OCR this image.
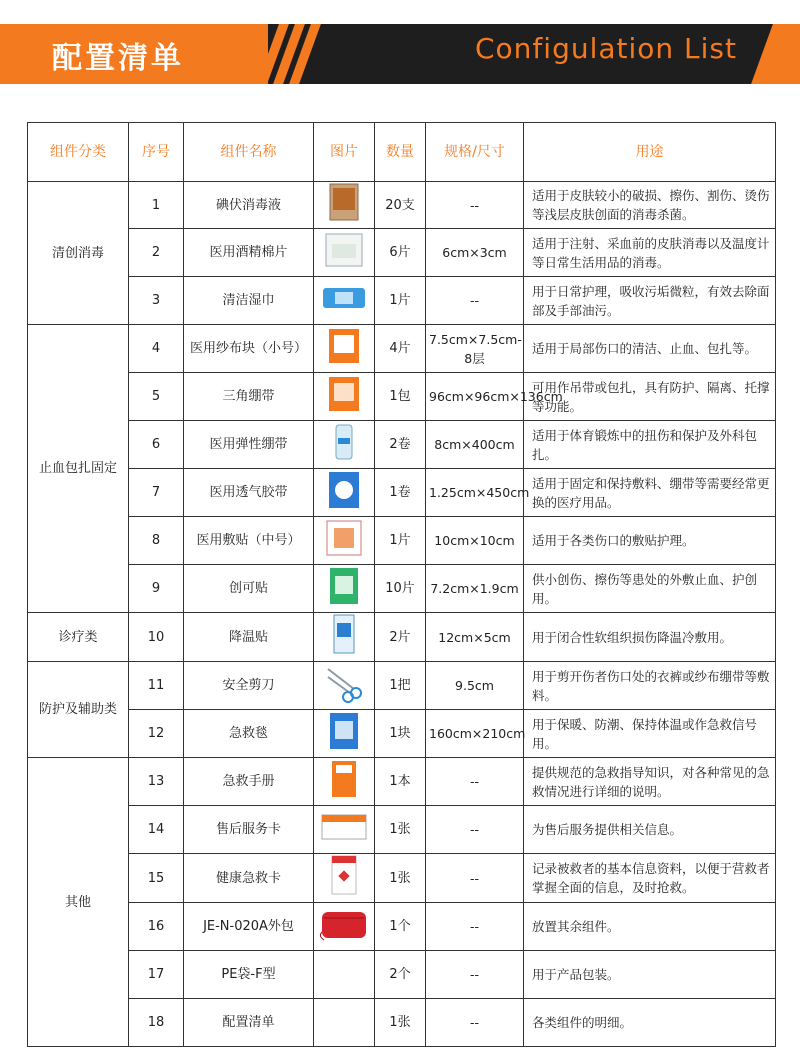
配置清单	Configulation List
组件分类	序号	组件名称	图片	数量	规格/尺寸	用途
清创消毒	1	碘伏消毒液		20支	--	适用于皮肤较小的破损、擦伤、割伤、烫伤等浅层皮肤创面的消毒杀菌。
	2	医用酒精棉片		6片	6cm×3cm	适用于注射、采血前的皮肤消毒以及温度计等日常生活用品的消毒。
	3	清洁湿巾		1片	--	用于日常护理，吸收污垢微粒，有效去除面部及手部油污。
止血包扎固定	4	医用纱布块（小号）		4片	7.5cm×7.5cm-8层	适用于局部伤口的清洁、止血、包扎等。
	5	三角绷带		1包	96cm×96cm×136cm	可用作吊带或包扎，具有防护、隔离、托撑等功能。
	6	医用弹性绷带		2卷	8cm×400cm	适用于体育锻炼中的扭伤和保护及外科包扎。
	7	医用透气胶带		1卷	1.25cm×450cm	适用于固定和保持敷料、绷带等需要经常更换的医疗用品。
	8	医用敷贴（中号）		1片	10cm×10cm	适用于各类伤口的敷贴护理。
	9	创可贴		10片	7.2cm×1.9cm	供小创伤、擦伤等患处的外敷止血、护创用。
诊疗类	10	降温贴		2片	12cm×5cm	用于闭合性软组织损伤降温冷敷用。
防护及辅助类	11	安全剪刀		1把	9.5cm	用于剪开伤者伤口处的衣裤或纱布绷带等敷料。
	12	急救毯		1块	160cm×210cm	用于保暖、防潮、保持体温或作急救信号用。
其他	13	急救手册		1本	--	提供规范的急救指导知识，对各种常见的急救情况进行详细的说明。
	14	售后服务卡		1张	--	为售后服务提供相关信息。
	15	健康急救卡		1张	--	记录被救者的基本信息资料，以便于营救者掌握全面的信息，及时抢救。
	16	JE-N-020A外包		1个	--	放置其余组件。
	17	PE袋-F型		2个	--	用于产品包装。
	18	配置清单		1张	--	各类组件的明细。
